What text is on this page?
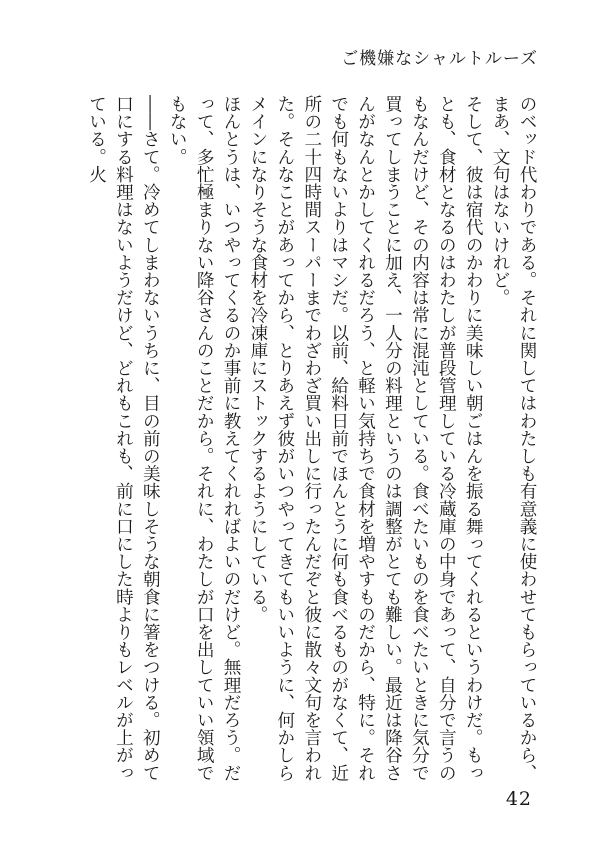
ご機嫌なシャルトルーズ

のベッド代わりである。それに関してはわたしも有意義に使わせてもらっているから、まあ、文句はないけれど。

そして、彼は宿代のかわりに美味しい朝ごはんを振る舞ってくれるというわけだ。もっとも、食材となるのはわたしが普段管理している冷蔵庫の中身であって、自分で言うのもなんだけど、その内容は常に混沌としている。食べたいものを食べたいときに気分で買ってしまうことに加え、一人分の料理というのは調整がとても難しい。最近は降谷さんがなんとかしてくれるだろう、と軽い気持ちで食材を増やすものだから、特に。それでも何もないよりはマシだ。以前、給料日前でほんとうに何も食べるものがなくて、近所の二十四時間スーパーまでわざわざ買い出しに行ったんだぞと彼に散々文句を言われた。そんなことがあってから、とりあえず彼がいつやってきてもいいように、何かしらメインになりそうな食材を冷凍庫にストックするようにしている。

ほんとうは、いつやってくるのか事前に教えてくれればよいのだけど。無理だろう。だって、多忙極まりない降谷さんのことだから。それに、わたしが口を出していい領域でもない。

――さて。冷めてしまわないうちに、目の前の美味しそうな朝食に箸をつける。初めて口にする料理はないようだけど、どれもこれも、前に口にした時よりもレベルが上がっている。火

42
